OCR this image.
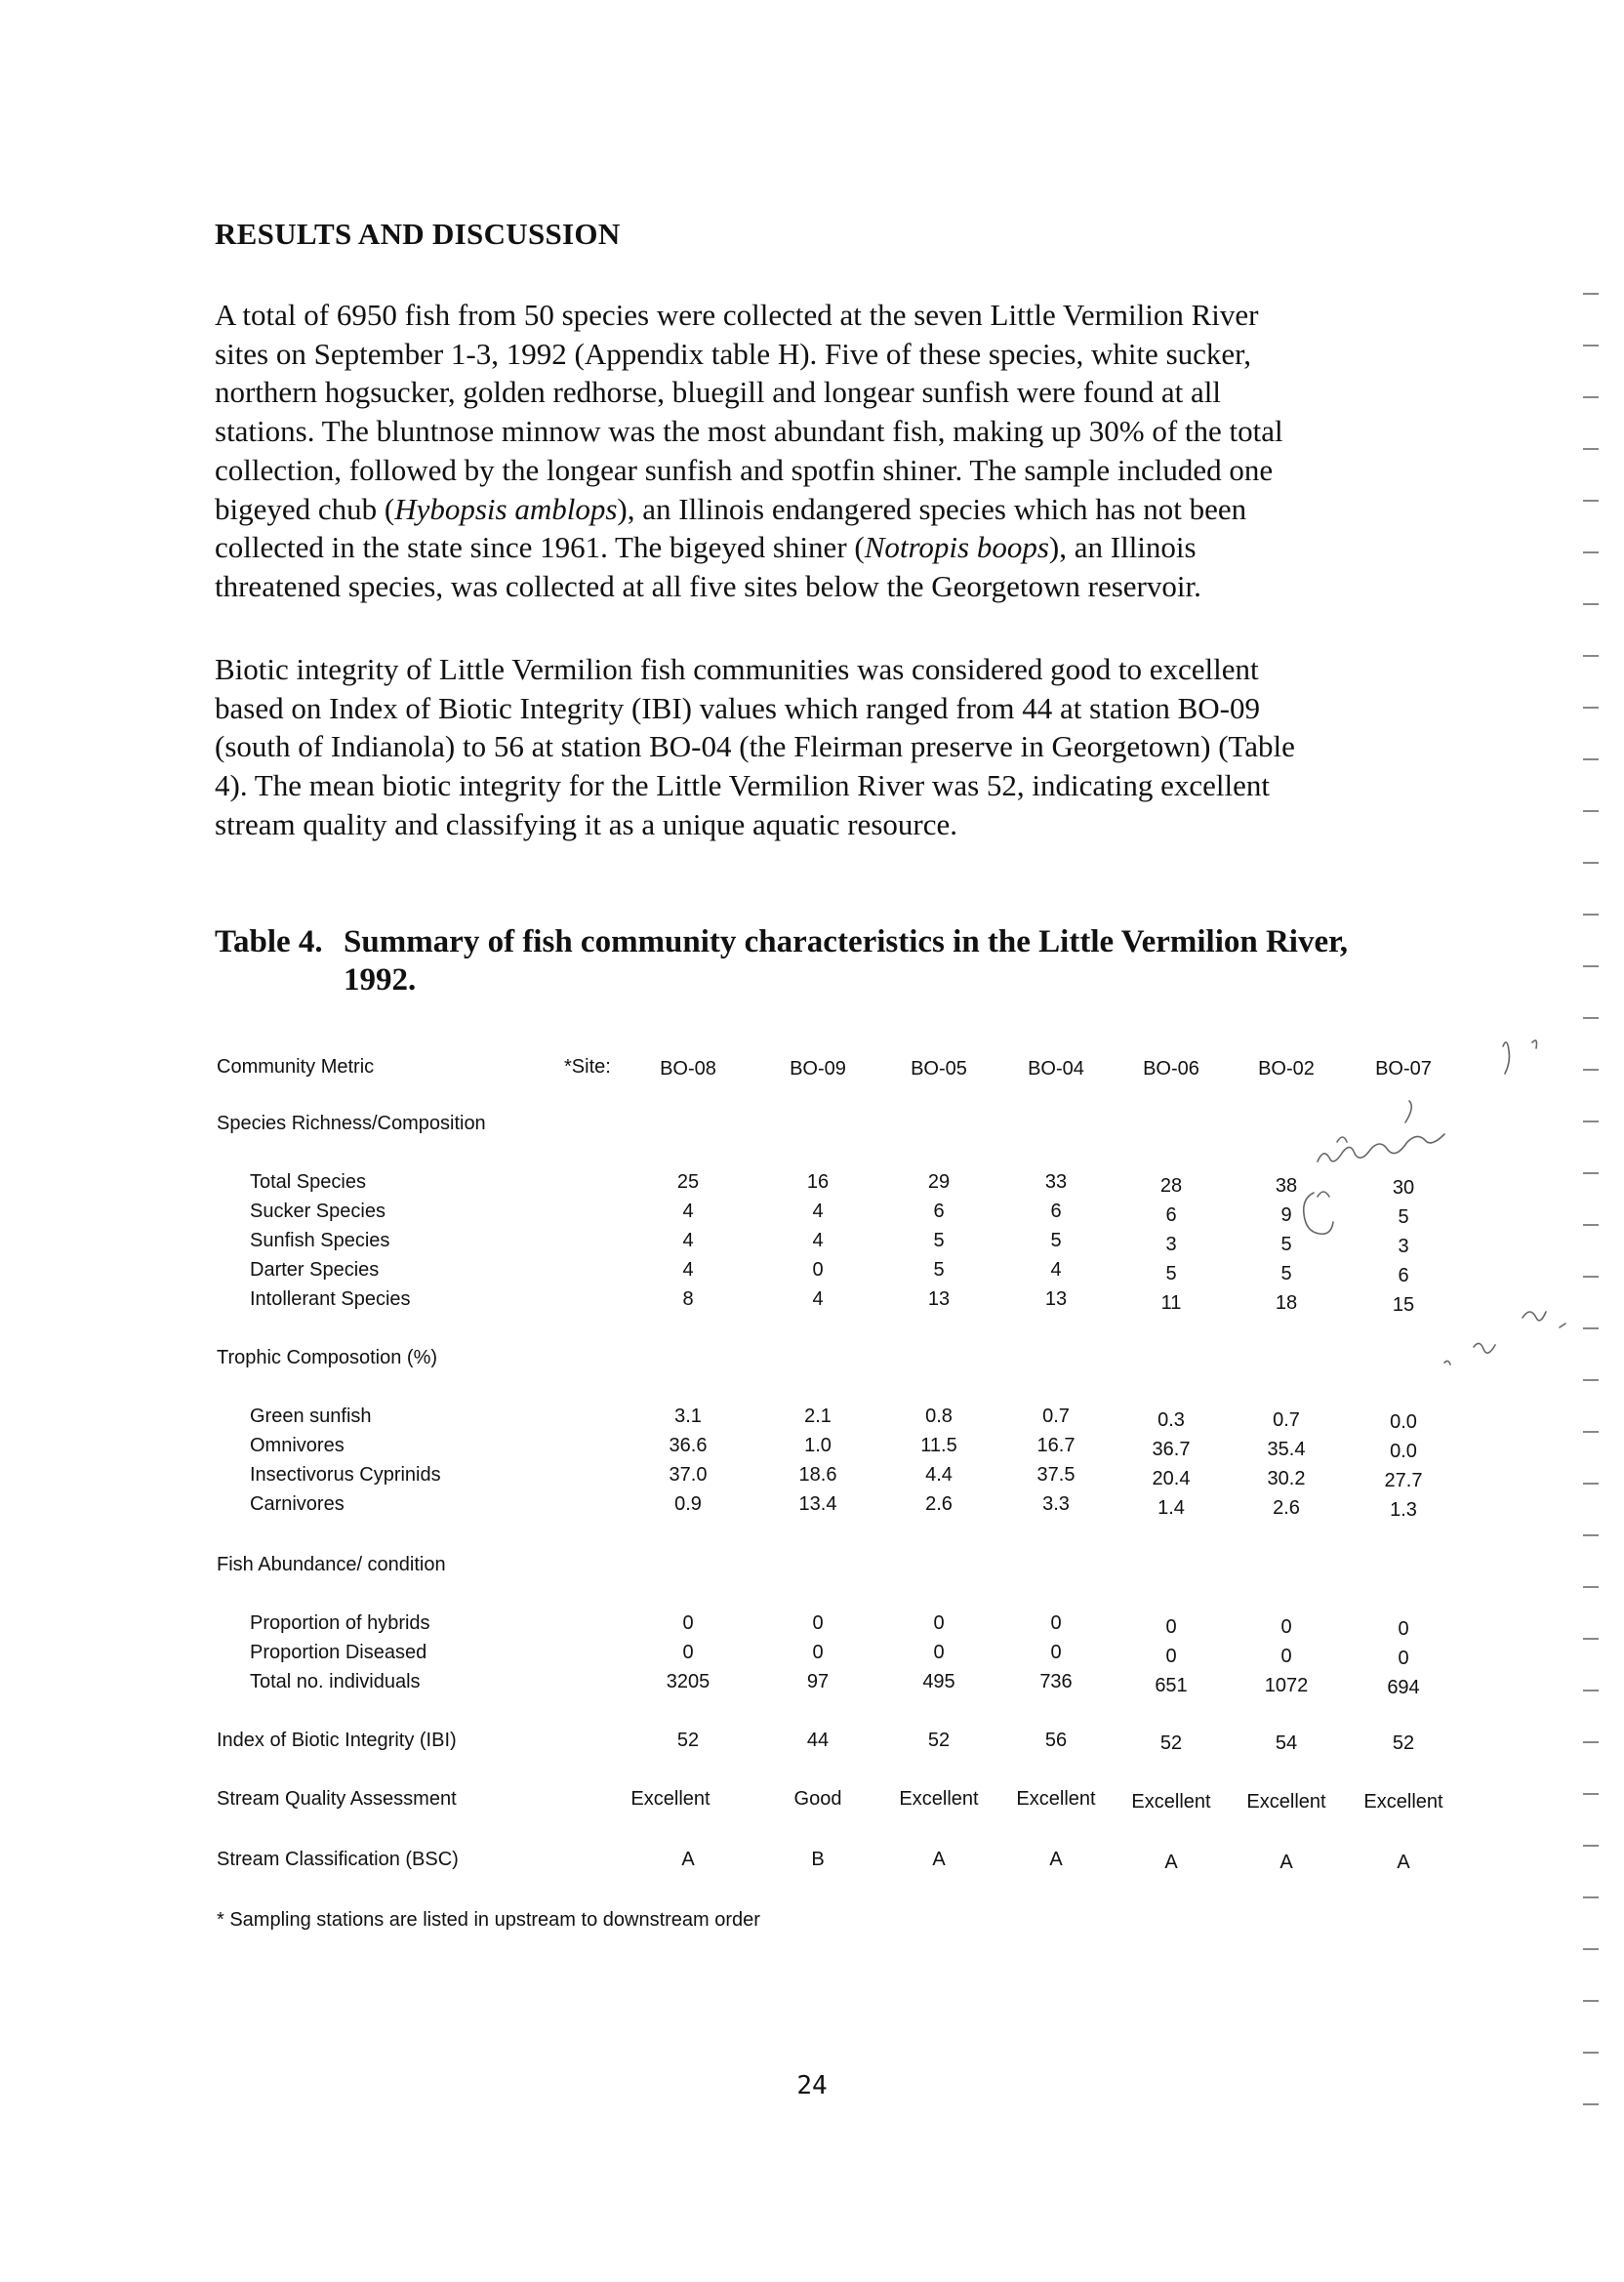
RESULTS AND DISCUSSION
A total of 6950 fish from 50 species were collected at the seven Little Vermilion River
sites on September 1-3, 1992 (Appendix table H). Five of these species, white sucker,
northern hogsucker, golden redhorse, bluegill and longear sunfish were found at all
stations. The bluntnose minnow was the most abundant fish, making up 30% of the total
collection, followed by the longear sunfish and spotfin shiner. The sample included one
bigeyed chub (Hybopsis amblops), an Illinois endangered species which has not been
collected in the state since 1961. The bigeyed shiner (Notropis boops), an Illinois
threatened species, was collected at all five sites below the Georgetown reservoir.
Biotic integrity of Little Vermilion fish communities was considered good to excellent
based on Index of Biotic Integrity (IBI) values which ranged from 44 at station BO-09
(south of Indianola) to 56 at station BO-04 (the Fleirman preserve in Georgetown) (Table
4). The mean biotic integrity for the Little Vermilion River was 52, indicating excellent
stream quality and classifying it as a unique aquatic resource.
Table 4. Summary of fish community characteristics in the Little Vermilion River,
1992.
Community Metric	*Site:	BO-08	BO-09	BO-05	BO-04	BO-06	BO-02	BO-07
Species Richness/Composition
Total Species	25	16	29	33	28	38	30
Sucker Species	4	4	6	6	6	9	5
Sunfish Species	4	4	5	5	3	5	3
Darter Species	4	0	5	4	5	5	6
Intollerant Species	8	4	13	13	11	18	15
Trophic Composotion (%)
Green sunfish	3.1	2.1	0.8	0.7	0.3	0.7	0.0
Omnivores	36.6	1.0	11.5	16.7	36.7	35.4	0.0
Insectivorus Cyprinids	37.0	18.6	4.4	37.5	20.4	30.2	27.7
Carnivores	0.9	13.4	2.6	3.3	1.4	2.6	1.3
Fish Abundance/ condition
Proportion of hybrids	0	0	0	0	0	0	0
Proportion Diseased	0	0	0	0	0	0	0
Total no. individuals	3205	97	495	736	651	1072	694
Index of Biotic Integrity (IBI)	52	44	52	56	52	54	52
Stream Quality Assessment	Excellent	Good	Excellent Excellent Excellent Excellent Excellent
Stream Classification (BSC)	A	B	A	A	A	A	A
* Sampling stations are listed in upstream to downstream order
24
